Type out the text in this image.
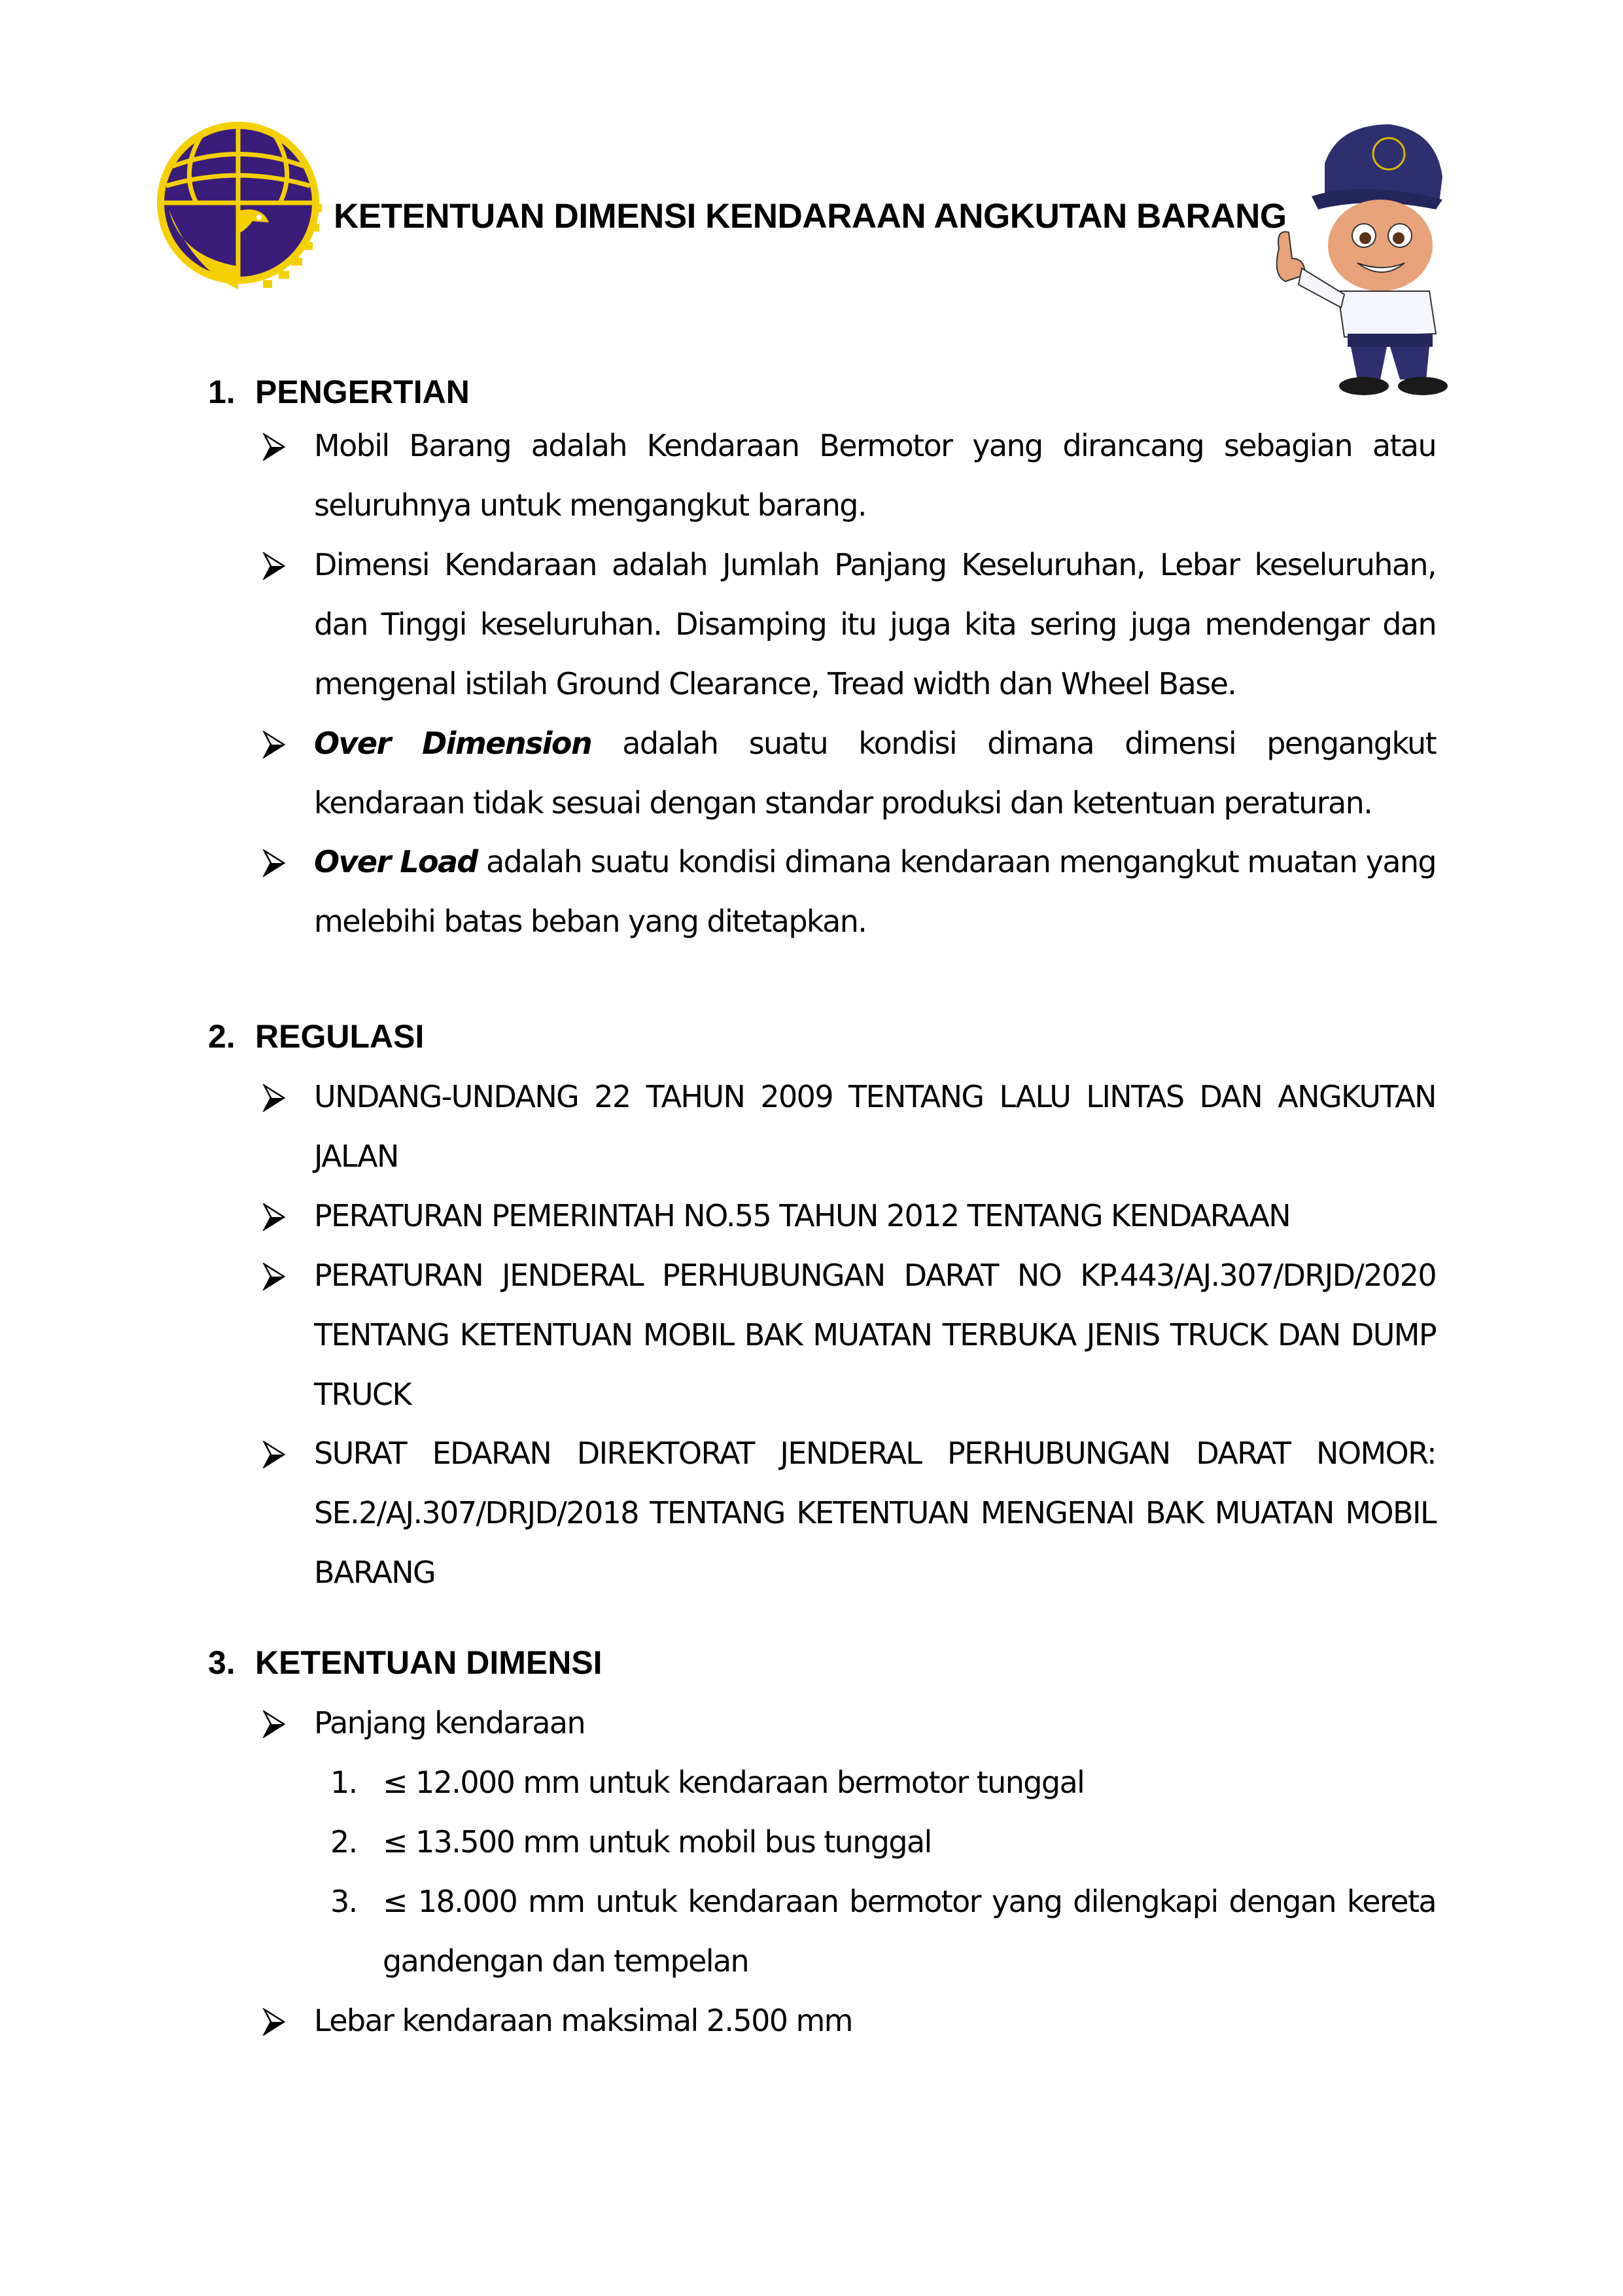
KETENTUAN DIMENSI KENDARAAN ANGKUTAN BARANG
1. PENGERTIAN
Mobil Barang adalah Kendaraan Bermotor yang dirancang sebagian atau seluruhnya untuk mengangkut barang.
Dimensi Kendaraan adalah Jumlah Panjang Keseluruhan, Lebar keseluruhan, dan Tinggi keseluruhan. Disamping itu juga kita sering juga mendengar dan mengenal istilah Ground Clearance, Tread width dan Wheel Base.
Over Dimension adalah suatu kondisi dimana dimensi pengangkut kendaraan tidak sesuai dengan standar produksi dan ketentuan peraturan.
Over Load adalah suatu kondisi dimana kendaraan mengangkut muatan yang melebihi batas beban yang ditetapkan.
2. REGULASI
UNDANG-UNDANG 22 TAHUN 2009 TENTANG LALU LINTAS DAN ANGKUTAN JALAN
PERATURAN PEMERINTAH NO.55 TAHUN 2012 TENTANG KENDARAAN
PERATURAN JENDERAL PERHUBUNGAN DARAT NO KP.443/AJ.307/DRJD/2020 TENTANG KETENTUAN MOBIL BAK MUATAN TERBUKA JENIS TRUCK DAN DUMP TRUCK
SURAT EDARAN DIREKTORAT JENDERAL PERHUBUNGAN DARAT NOMOR: SE.2/AJ.307/DRJD/2018 TENTANG KETENTUAN MENGENAI BAK MUATAN MOBIL BARANG
3. KETENTUAN DIMENSI
Panjang kendaraan
1. ≤ 12.000 mm untuk kendaraan bermotor tunggal
2. ≤ 13.500 mm untuk mobil bus tunggal
3. ≤ 18.000 mm untuk kendaraan bermotor yang dilengkapi dengan kereta gandengan dan tempelan
Lebar kendaraan maksimal 2.500 mm
